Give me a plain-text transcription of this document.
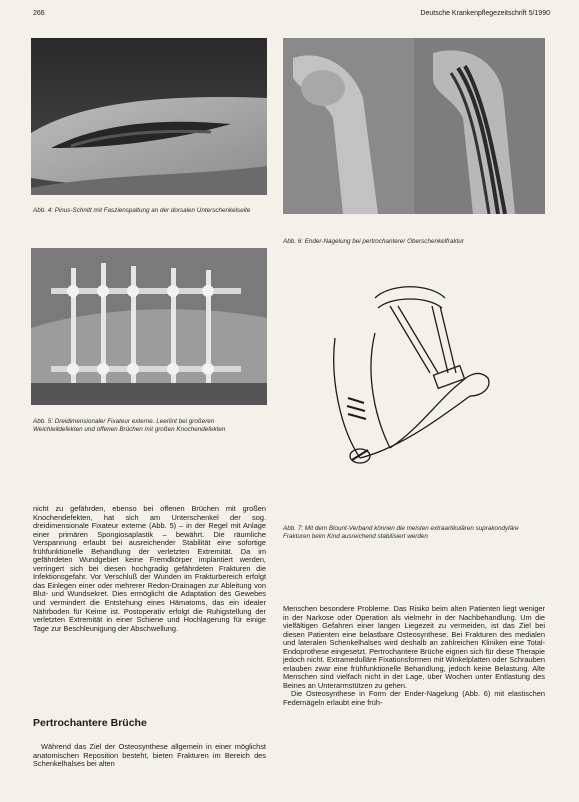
266	Deutsche Krankenpflegezeitschrift 5/1990
Abb. 4: Pinus-Schnitt mit Faszienspaltung an der dorsalen Unterschenkelseite
Abb. 5: Dreidimensionaler Fixateur externe. Leerlint bei großeren Weichteildefekten und offenen Brüchen mit großen Knochendefekten
Abb. 6: Ender-Nagelung bei pertrochanterer Oberschenkelfraktur
Abb. 7: Mit dem Blount-Verband können die meisten extraartikulären suprakondyläre Frakturen beim Kind ausreichend stabilisiert werden

nicht zu gefährden, ebenso bei offenen Brüchen mit großen Knochendefekten, hat sich am Unterschenkel der sog. dreidimensionale Fixateur externe (Abb. 5) – in der Regel mit Anlage einer primären Spongiosaplastik – bewährt. Die räumliche Verspannung erlaubt bei ausreichender Stabilität eine sofortige frühfunktionelle Behandlung der verletzten Extremität. Da im gefährdeten Wundgebiet keine Fremdkörper implantiert werden, verringert sich bei diesen hochgradig gefährdeten Frakturen die Infektionsgefahr. Vor Verschluß der Wunden im Frakturbereich erfolgt das Einlegen einer oder mehrerer Redon-Drainagen zur Ableitung von Blut- und Wundsekret. Dies ermöglicht die Adaptation des Gewebes und vermindert die Entstehung eines Hämatoms, das ein idealer Nährboden für Keime ist. Postoperativ erfolgt die Ruhigstellung der verletzten Extremität in einer Schiene und Hochlagerung für einige Tage zur Beschleunigung der Abschwellung.

Pertrochantere Brüche

Während das Ziel der Osteosynthese allgemein in einer möglichst anatomischen Reposition besteht, bieten Frakturen im Bereich des Schenkelhalses bei alten

Menschen besondere Probleme. Das Risiko beim alten Patienten liegt weniger in der Narkose oder Operation als vielmehr in der Nachbehandlung. Um die vielfältigen Gefahren einer langen Liegezeit zu vermeiden, ist das Ziel bei diesen Patienten eine belastbare Osteosynthese. Bei Frakturen des medialen und lateralen Schenkelhalses wird deshalb an zahlreichen Kliniken eine Total-Endoprothese eingesetzt. Pertrochantere Brüche eignen sich für diese Therapie jedoch nicht. Extramedulläre Fixationsformen mit Winkelplatten oder Schrauben erlauben zwar eine frühfunktionelle Behandlung, jedoch keine Belastung. Alte Menschen sind vielfach nicht in der Lage, über Wochen unter Entlastung des Beines an Unterarmstützen zu gehen.

Die Osteosynthese in Form der Ender-Nagelung (Abb. 6) mit elastischen Federnägeln erlaubt eine früh-
